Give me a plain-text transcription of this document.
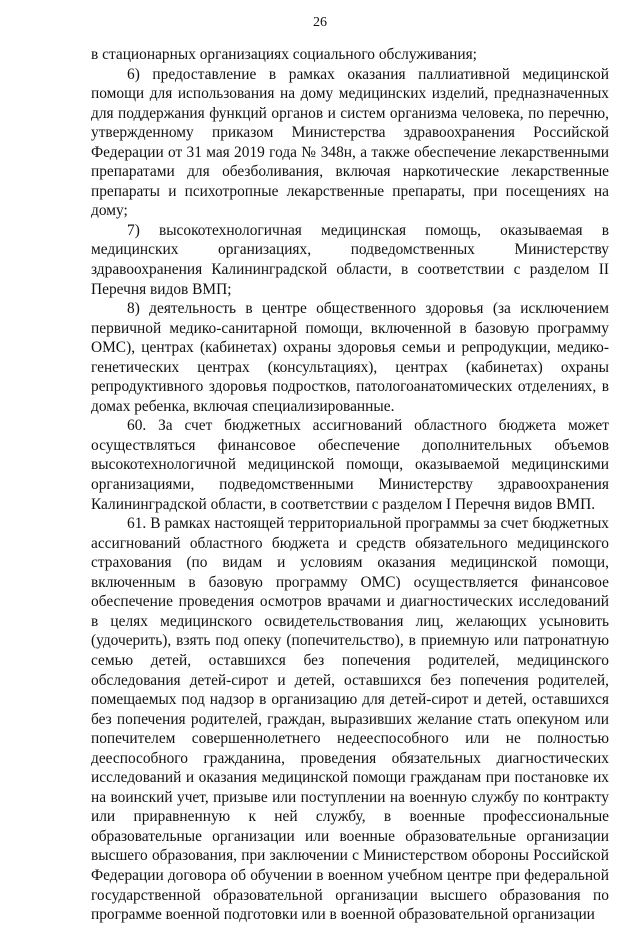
26

в стационарных организациях социального обслуживания;

6) предоставление в рамках оказания паллиативной медицинской помощи для использования на дому медицинских изделий, предназначенных для поддержания функций органов и систем организма человека, по перечню, утвержденному приказом Министерства здравоохранения Российской Федерации от 31 мая 2019 года № 348н, а также обеспечение лекарственными препаратами для обезболивания, включая наркотические лекарственные препараты и психотропные лекарственные препараты, при посещениях на дому;

7) высокотехнологичная медицинская помощь, оказываемая в медицинских организациях, подведомственных Министерству здравоохранения Калининградской области, в соответствии с разделом II Перечня видов ВМП;

8) деятельность в центре общественного здоровья (за исключением первичной медико-санитарной помощи, включенной в базовую программу ОМС), центрах (кабинетах) охраны здоровья семьи и репродукции, медико-генетических центрах (консультациях), центрах (кабинетах) охраны репродуктивного здоровья подростков, патологоанатомических отделениях, в домах ребенка, включая специализированные.

60. За счет бюджетных ассигнований областного бюджета может осуществляться финансовое обеспечение дополнительных объемов высокотехнологичной медицинской помощи, оказываемой медицинскими организациями, подведомственными Министерству здравоохранения Калининградской области, в соответствии с разделом I Перечня видов ВМП.

61. В рамках настоящей территориальной программы за счет бюджетных ассигнований областного бюджета и средств обязательного медицинского страхования (по видам и условиям оказания медицинской помощи, включенным в базовую программу ОМС) осуществляется финансовое обеспечение проведения осмотров врачами и диагностических исследований в целях медицинского освидетельствования лиц, желающих усыновить (удочерить), взять под опеку (попечительство), в приемную или патронатную семью детей, оставшихся без попечения родителей, медицинского обследования детей-сирот и детей, оставшихся без попечения родителей, помещаемых под надзор в организацию для детей-сирот и детей, оставшихся без попечения родителей, граждан, выразивших желание стать опекуном или попечителем совершеннолетнего недееспособного или не полностью дееспособного гражданина, проведения обязательных диагностических исследований и оказания медицинской помощи гражданам при постановке их на воинский учет, призыве или поступлении на военную службу по контракту или приравненную к ней службу, в военные профессиональные образовательные организации или военные образовательные организации высшего образования, при заключении с Министерством обороны Российской Федерации договора об обучении в военном учебном центре при федеральной государственной образовательной организации высшего образования по программе военной подготовки или в военной образовательной организации
